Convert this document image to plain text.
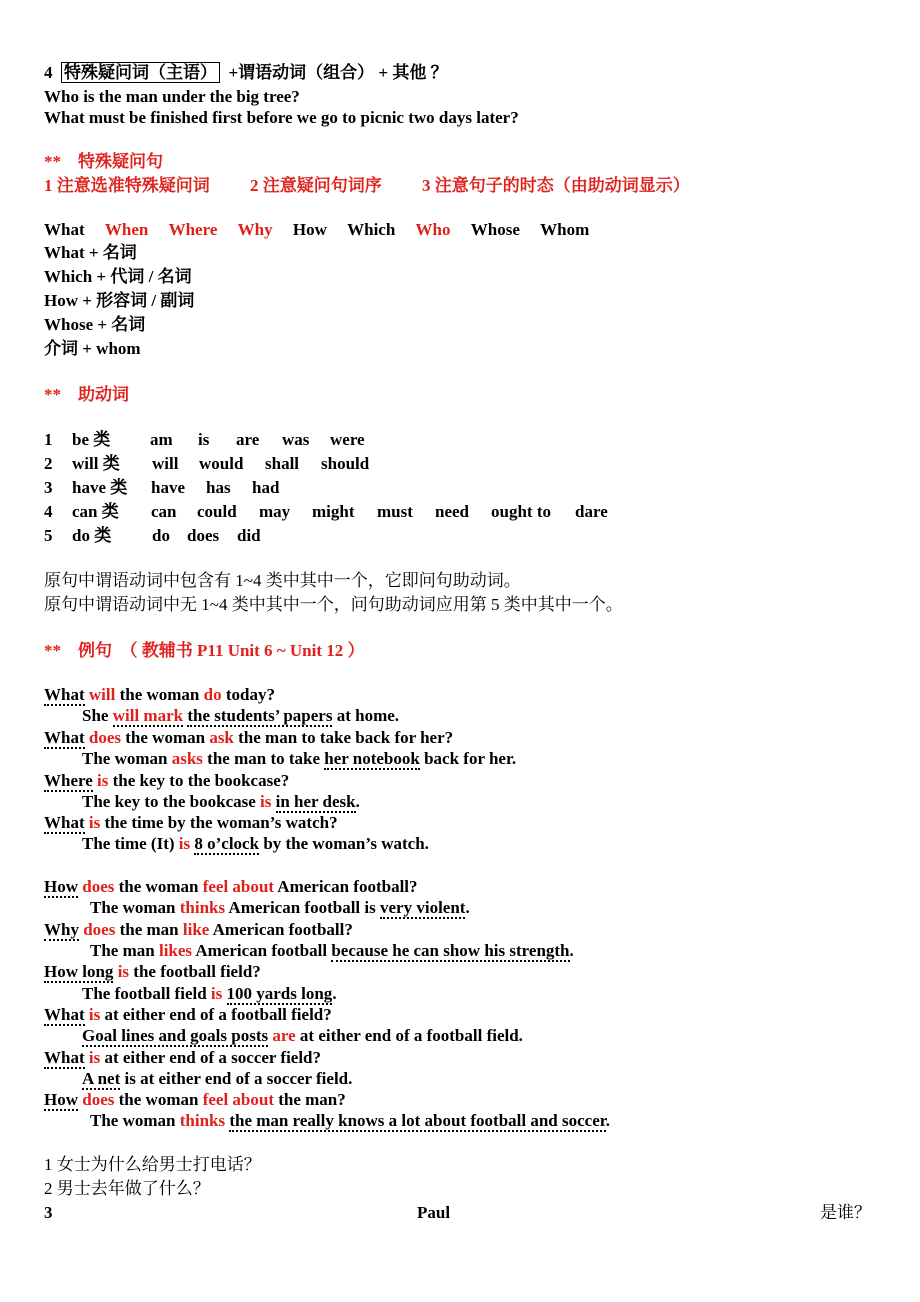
4 特殊疑问词（主语） +谓语动词（组合） + 其他 ？
Who is the man under the big tree?
What must be finished first before we go to picnic two days later?
**　特殊疑问句
1 注意选准特殊疑问词 2 注意疑问句词序 3 注意句子的时态（由助动词显示）
What When Where Why How Which Who Whose Whom
What + 名词
Which + 代词 / 名词
How + 形容词 / 副词
Whose + 名词
介词 + whom
**　助动词
1 be 类 am is are was were
2 will 类 will would shall should
3 have 类 have has had
4 can 类 can could may might must need ought to dare
5 do 类 do does did
原句中谓语动词中包含有 1~4 类中其中一个，它即问句助动词。
原句中谓语动词中无 1~4 类中其中一个，问句助动词应用第 5 类中其中一个。
**　例句　（ 教辅书 P11 Unit 6 ~ Unit 12 ）
What will the woman do today?
She will mark the students’ papers at home.
What does the woman ask the man to take back for her?
The woman asks the man to take her notebook back for her.
Where is the key to the bookcase?
The key to the bookcase is in her desk.
What is the time by the woman’s watch?
The time (It) is 8 o’clock by the woman’s watch.
How does the woman feel about American football?
The woman thinks American football is very violent.
Why does the man like American football?
The man likes American football because he can show his strength.
How long is the football field?
The football field is 100 yards long.
What is at either end of a football field?
Goal lines and goals posts are at either end of a football field.
What is at either end of a soccer field?
A net is at either end of a soccer field.
How does the woman feel about the man?
The woman thinks the man really knows a lot about football and soccer.
1 女士为什么给男士打电话？
2 男士去年做了什么？
3	Paul	是谁？
